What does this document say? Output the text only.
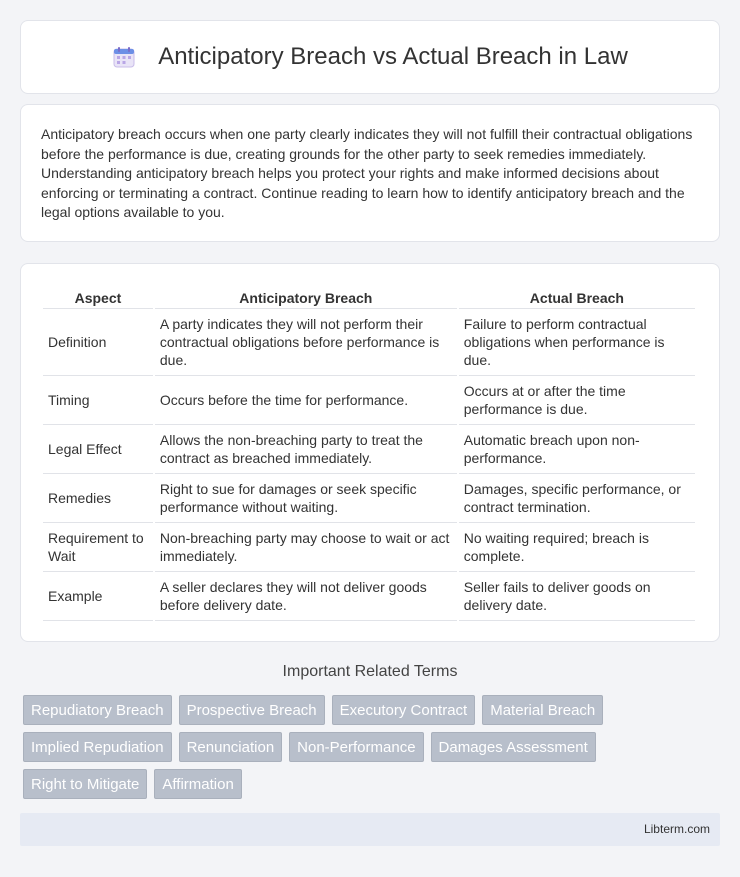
Anticipatory Breach vs Actual Breach in Law

Anticipatory breach occurs when one party clearly indicates they will not fulfill their contractual obligations before the performance is due, creating grounds for the other party to seek remedies immediately. Understanding anticipatory breach helps you protect your rights and make informed decisions about enforcing or terminating a contract. Continue reading to learn how to identify anticipatory breach and the legal options available to you.

Aspect	Anticipatory Breach	Actual Breach
Definition	A party indicates they will not perform their contractual obligations before performance is due.	Failure to perform contractual obligations when performance is due.
Timing	Occurs before the time for performance.	Occurs at or after the time performance is due.
Legal Effect	Allows the non-breaching party to treat the contract as breached immediately.	Automatic breach upon non-performance.
Remedies	Right to sue for damages or seek specific performance without waiting.	Damages, specific performance, or contract termination.
Requirement to Wait	Non-breaching party may choose to wait or act immediately.	No waiting required; breach is complete.
Example	A seller declares they will not deliver goods before delivery date.	Seller fails to deliver goods on delivery date.
Important Related Terms
Repudiatory Breach	Prospective Breach	Executory Contract	Material Breach
Implied Repudiation	Renunciation	Non-Performance	Damages Assessment
Right to Mitigate	Affirmation
Libterm.com
